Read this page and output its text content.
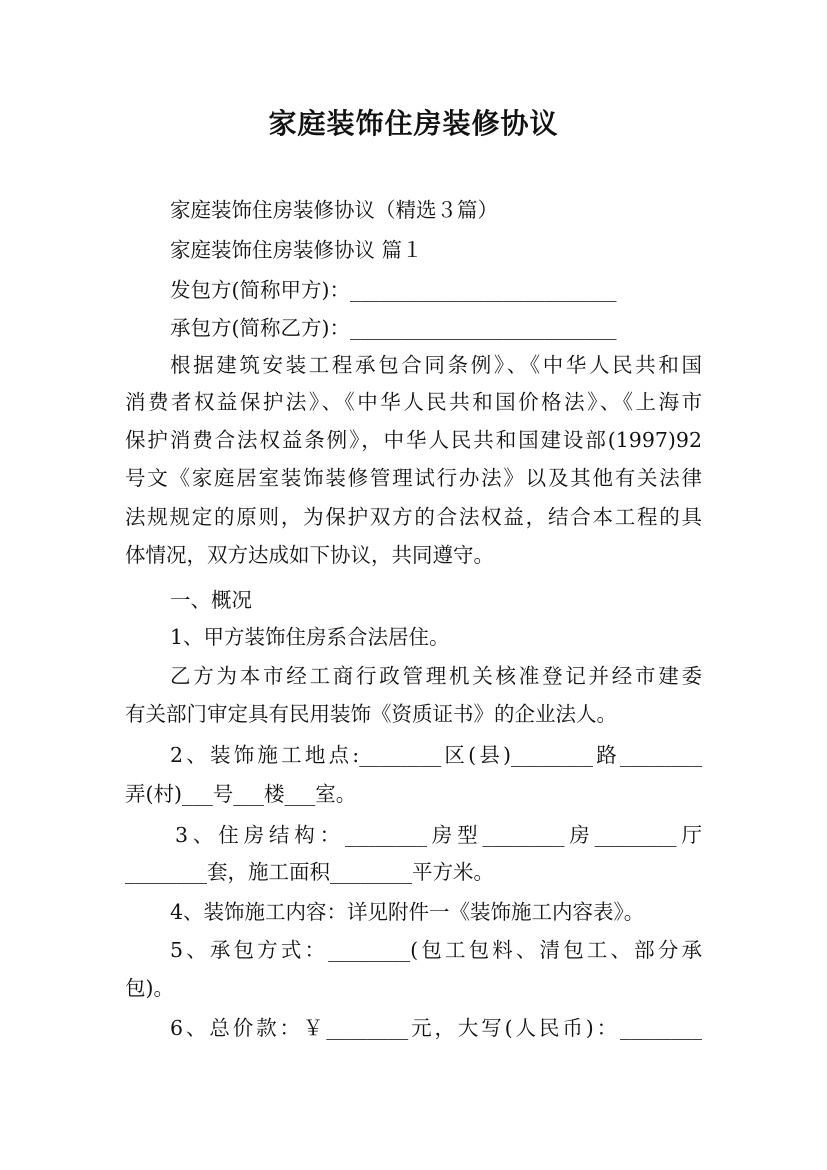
家庭装饰住房装修协议
家庭装饰住房装修协议（精选３篇）
家庭装饰住房装修协议 篇１
发包方(简称甲方)：__________________________
承包方(简称乙方)：__________________________
根据建筑安装工程承包合同条例》、《中华人民共和国
消费者权益保护法》、《中华人民共和国价格法》、《上海市
保护消费合法权益条例》，中华人民共和国建设部(1997)92
号文《家庭居室装饰装修管理试行办法》以及其他有关法律
法规规定的原则，为保护双方的合法权益，结合本工程的具
体情况，双方达成如下协议，共同遵守。
一、概况
1、甲方装饰住房系合法居住。
乙方为本市经工商行政管理机关核准登记并经市建委
有关部门审定具有民用装饰《资质证书》的企业法人。
2、装饰施工地点:________区(县)________路________
弄(村)___号___楼___室。
3、住房结构：________房型________房________厅
________套，施工面积________平方米。
4、装饰施工内容：详见附件一《装饰施工内容表》。
5、承包方式：________(包工包料、清包工、部分承
包)。
6、总价款：￥________元，大写(人民币)：________
